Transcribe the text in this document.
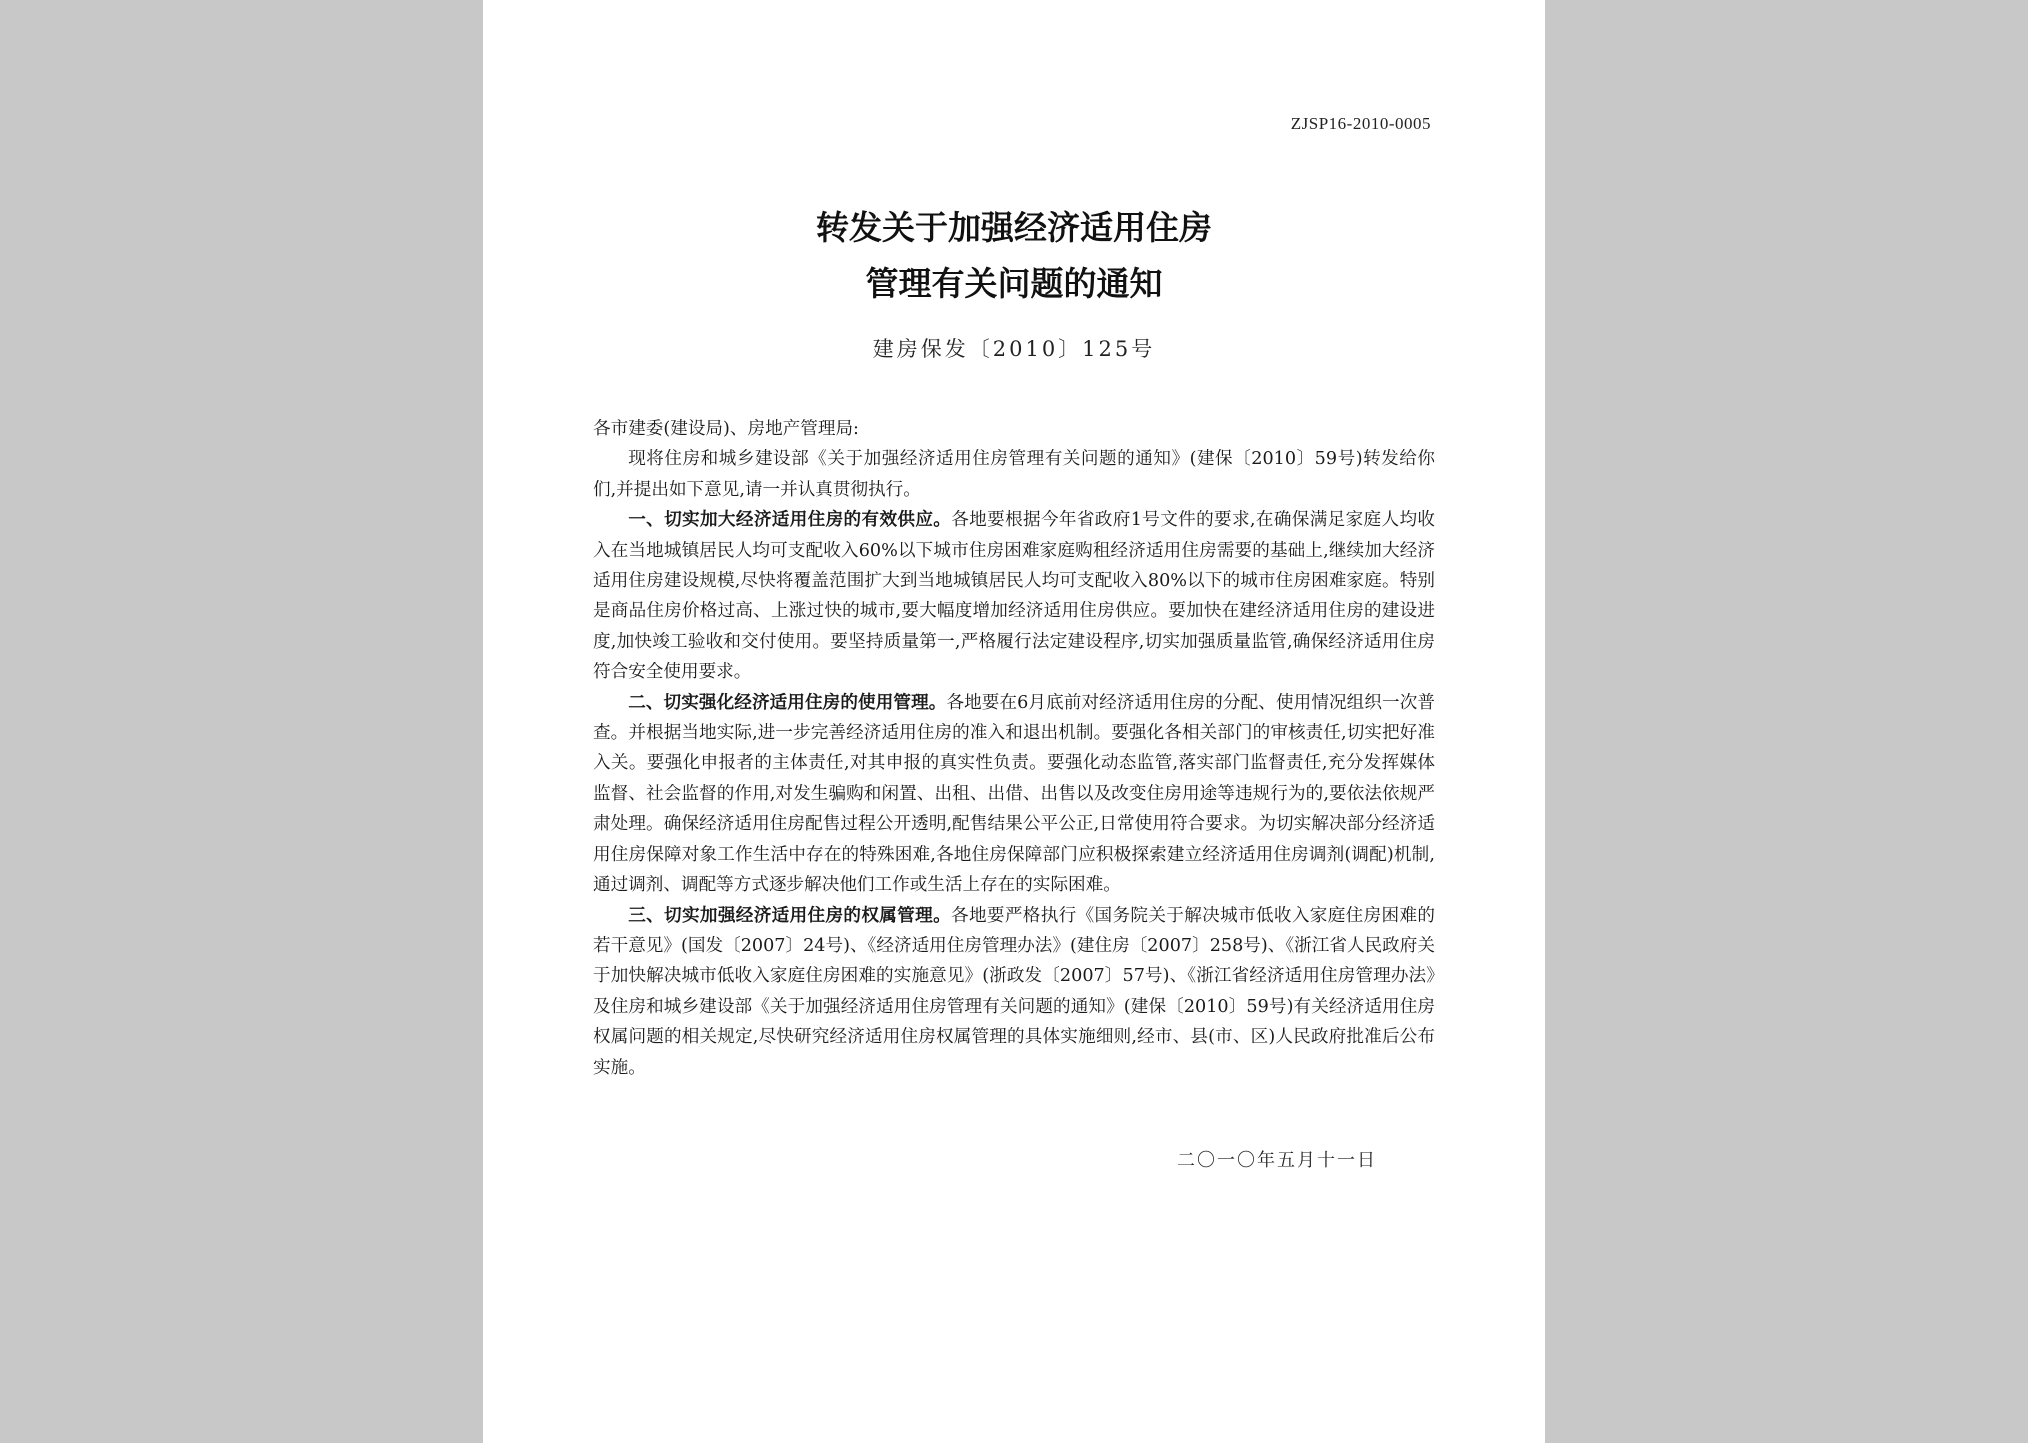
ZJSP16-2010-0005
转发关于加强经济适用住房
管理有关问题的通知
建房保发〔2010〕125号

各市建委(建设局)、房地产管理局:

现将住房和城乡建设部《关于加强经济适用住房管理有关问题的通知》(建保〔2010〕59号)转发给你们,并提出如下意见,请一并认真贯彻执行。

一、切实加大经济适用住房的有效供应。各地要根据今年省政府1号文件的要求,在确保满足家庭人均收入在当地城镇居民人均可支配收入60%以下城市住房困难家庭购租经济适用住房需要的基础上,继续加大经济适用住房建设规模,尽快将覆盖范围扩大到当地城镇居民人均可支配收入80%以下的城市住房困难家庭。特别是商品住房价格过高、上涨过快的城市,要大幅度增加经济适用住房供应。要加快在建经济适用住房的建设进度,加快竣工验收和交付使用。要坚持质量第一,严格履行法定建设程序,切实加强质量监管,确保经济适用住房符合安全使用要求。

二、切实强化经济适用住房的使用管理。各地要在6月底前对经济适用住房的分配、使用情况组织一次普查。并根据当地实际,进一步完善经济适用住房的准入和退出机制。要强化各相关部门的审核责任,切实把好准入关。要强化申报者的主体责任,对其申报的真实性负责。要强化动态监管,落实部门监督责任,充分发挥媒体监督、社会监督的作用,对发生骗购和闲置、出租、出借、出售以及改变住房用途等违规行为的,要依法依规严肃处理。确保经济适用住房配售过程公开透明,配售结果公平公正,日常使用符合要求。为切实解决部分经济适用住房保障对象工作生活中存在的特殊困难,各地住房保障部门应积极探索建立经济适用住房调剂(调配)机制,通过调剂、调配等方式逐步解决他们工作或生活上存在的实际困难。

三、切实加强经济适用住房的权属管理。各地要严格执行《国务院关于解决城市低收入家庭住房困难的若干意见》(国发〔2007〕24号)、《经济适用住房管理办法》(建住房〔2007〕258号)、《浙江省人民政府关于加快解决城市低收入家庭住房困难的实施意见》(浙政发〔2007〕57号)、《浙江省经济适用住房管理办法》及住房和城乡建设部《关于加强经济适用住房管理有关问题的通知》(建保〔2010〕59号)有关经济适用住房权属问题的相关规定,尽快研究经济适用住房权属管理的具体实施细则,经市、县(市、区)人民政府批准后公布实施。

二〇一〇年五月十一日
